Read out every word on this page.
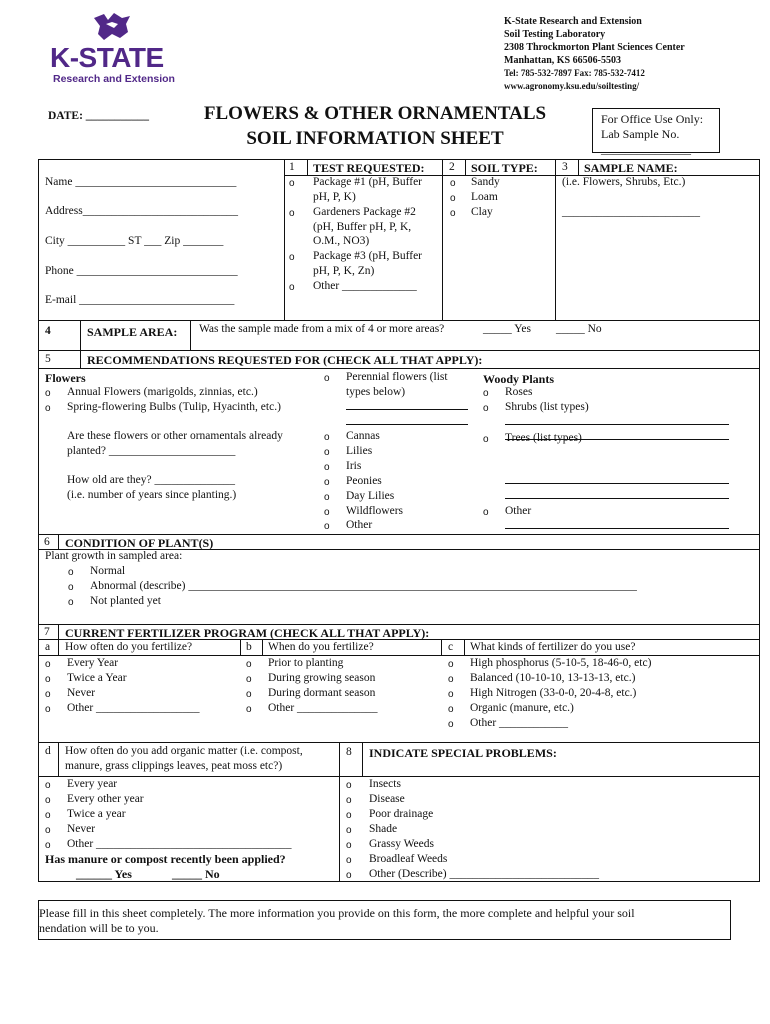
K-STATE
Research and Extension
K-State Research and Extension
Soil Testing Laboratory
2308 Throckmorton Plant Sciences Center
Manhattan, KS 66506-5503
Tel: 785-532-7897 Fax: 785-532-7412
www.agronomy.ksu.edu/soiltesting/
DATE: ___________	FLOWERS & OTHER ORNAMENTALS
SOIL INFORMATION SHEET
For Office Use Only:
Lab Sample No.
_______________
1 TEST REQUESTED: 2 SOIL TYPE: 3 SAMPLE NAME:
Name ____________________________
Address___________________________
City __________ ST ___ Zip _______
Phone ____________________________
E-mail ___________________________
o Package #1 (pH, Buffer
pH, P, K)
o Gardeners Package #2
(pH, Buffer pH, P, K,
O.M., NO3)
o Package #3 (pH, Buffer
pH, P, K, Zn)
o Other _____________
o Sandy
o Loam
o Clay
(i.e. Flowers, Shrubs, Etc.)
________________________
4	SAMPLE AREA: Was the sample made from a mix of 4 or more areas?	_____ Yes _____ No
5	RECOMMENDATIONS REQUESTED FOR (CHECK ALL THAT APPLY):
Flowers
o Annual Flowers (marigolds, zinnias, etc.)
o Spring-flowering Bulbs (Tulip, Hyacinth, etc.)
Are these flowers or other ornamentals already
planted? ______________________
How old are they? ______________
(i.e. number of years since planting.)
o Perennial flowers (list
types below)
o Cannas
o Lilies
o Iris
o Peonies
o Day Lilies
o Wildflowers
o Other
Woody Plants
o Roses
o Shrubs (list types)
o Trees (list types)
o Other
6 CONDITION OF PLANT(S)
Plant growth in sampled area:
o Normal
o Abnormal (describe) ______________________________________________________________________________
o Not planted yet
7 CURRENT FERTILIZER PROGRAM (CHECK ALL THAT APPLY):
a How often do you fertilize?	b When do you fertilize?	c What kinds of fertilizer do you use?
o Every Year
o Twice a Year
o Never
o Other __________________
o Prior to planting
o During growing season
o During dormant season
o Other ______________
o High phosphorus (5-10-5, 18-46-0, etc)
o Balanced (10-10-10, 13-13-13, etc.)
o High Nitrogen (33-0-0, 20-4-8, etc.)
o Organic (manure, etc.)
o Other ____________
d How often do you add organic matter (i.e. compost,
manure, grass clippings leaves, peat moss etc?)
o Every year
o Every other year
o Twice a year
o Never
o Other __________________________________
Has manure or compost recently been applied?
______ Yes	_____ No
8 INDICATE SPECIAL PROBLEMS:
o Insects
o Disease
o Poor drainage
o Shade
o Grassy Weeds
o Broadleaf Weeds
o Other (Describe) __________________________
Please fill in this sheet completely. The more information you provide on this form, the more complete and helpful your soil
nendation will be to you.
